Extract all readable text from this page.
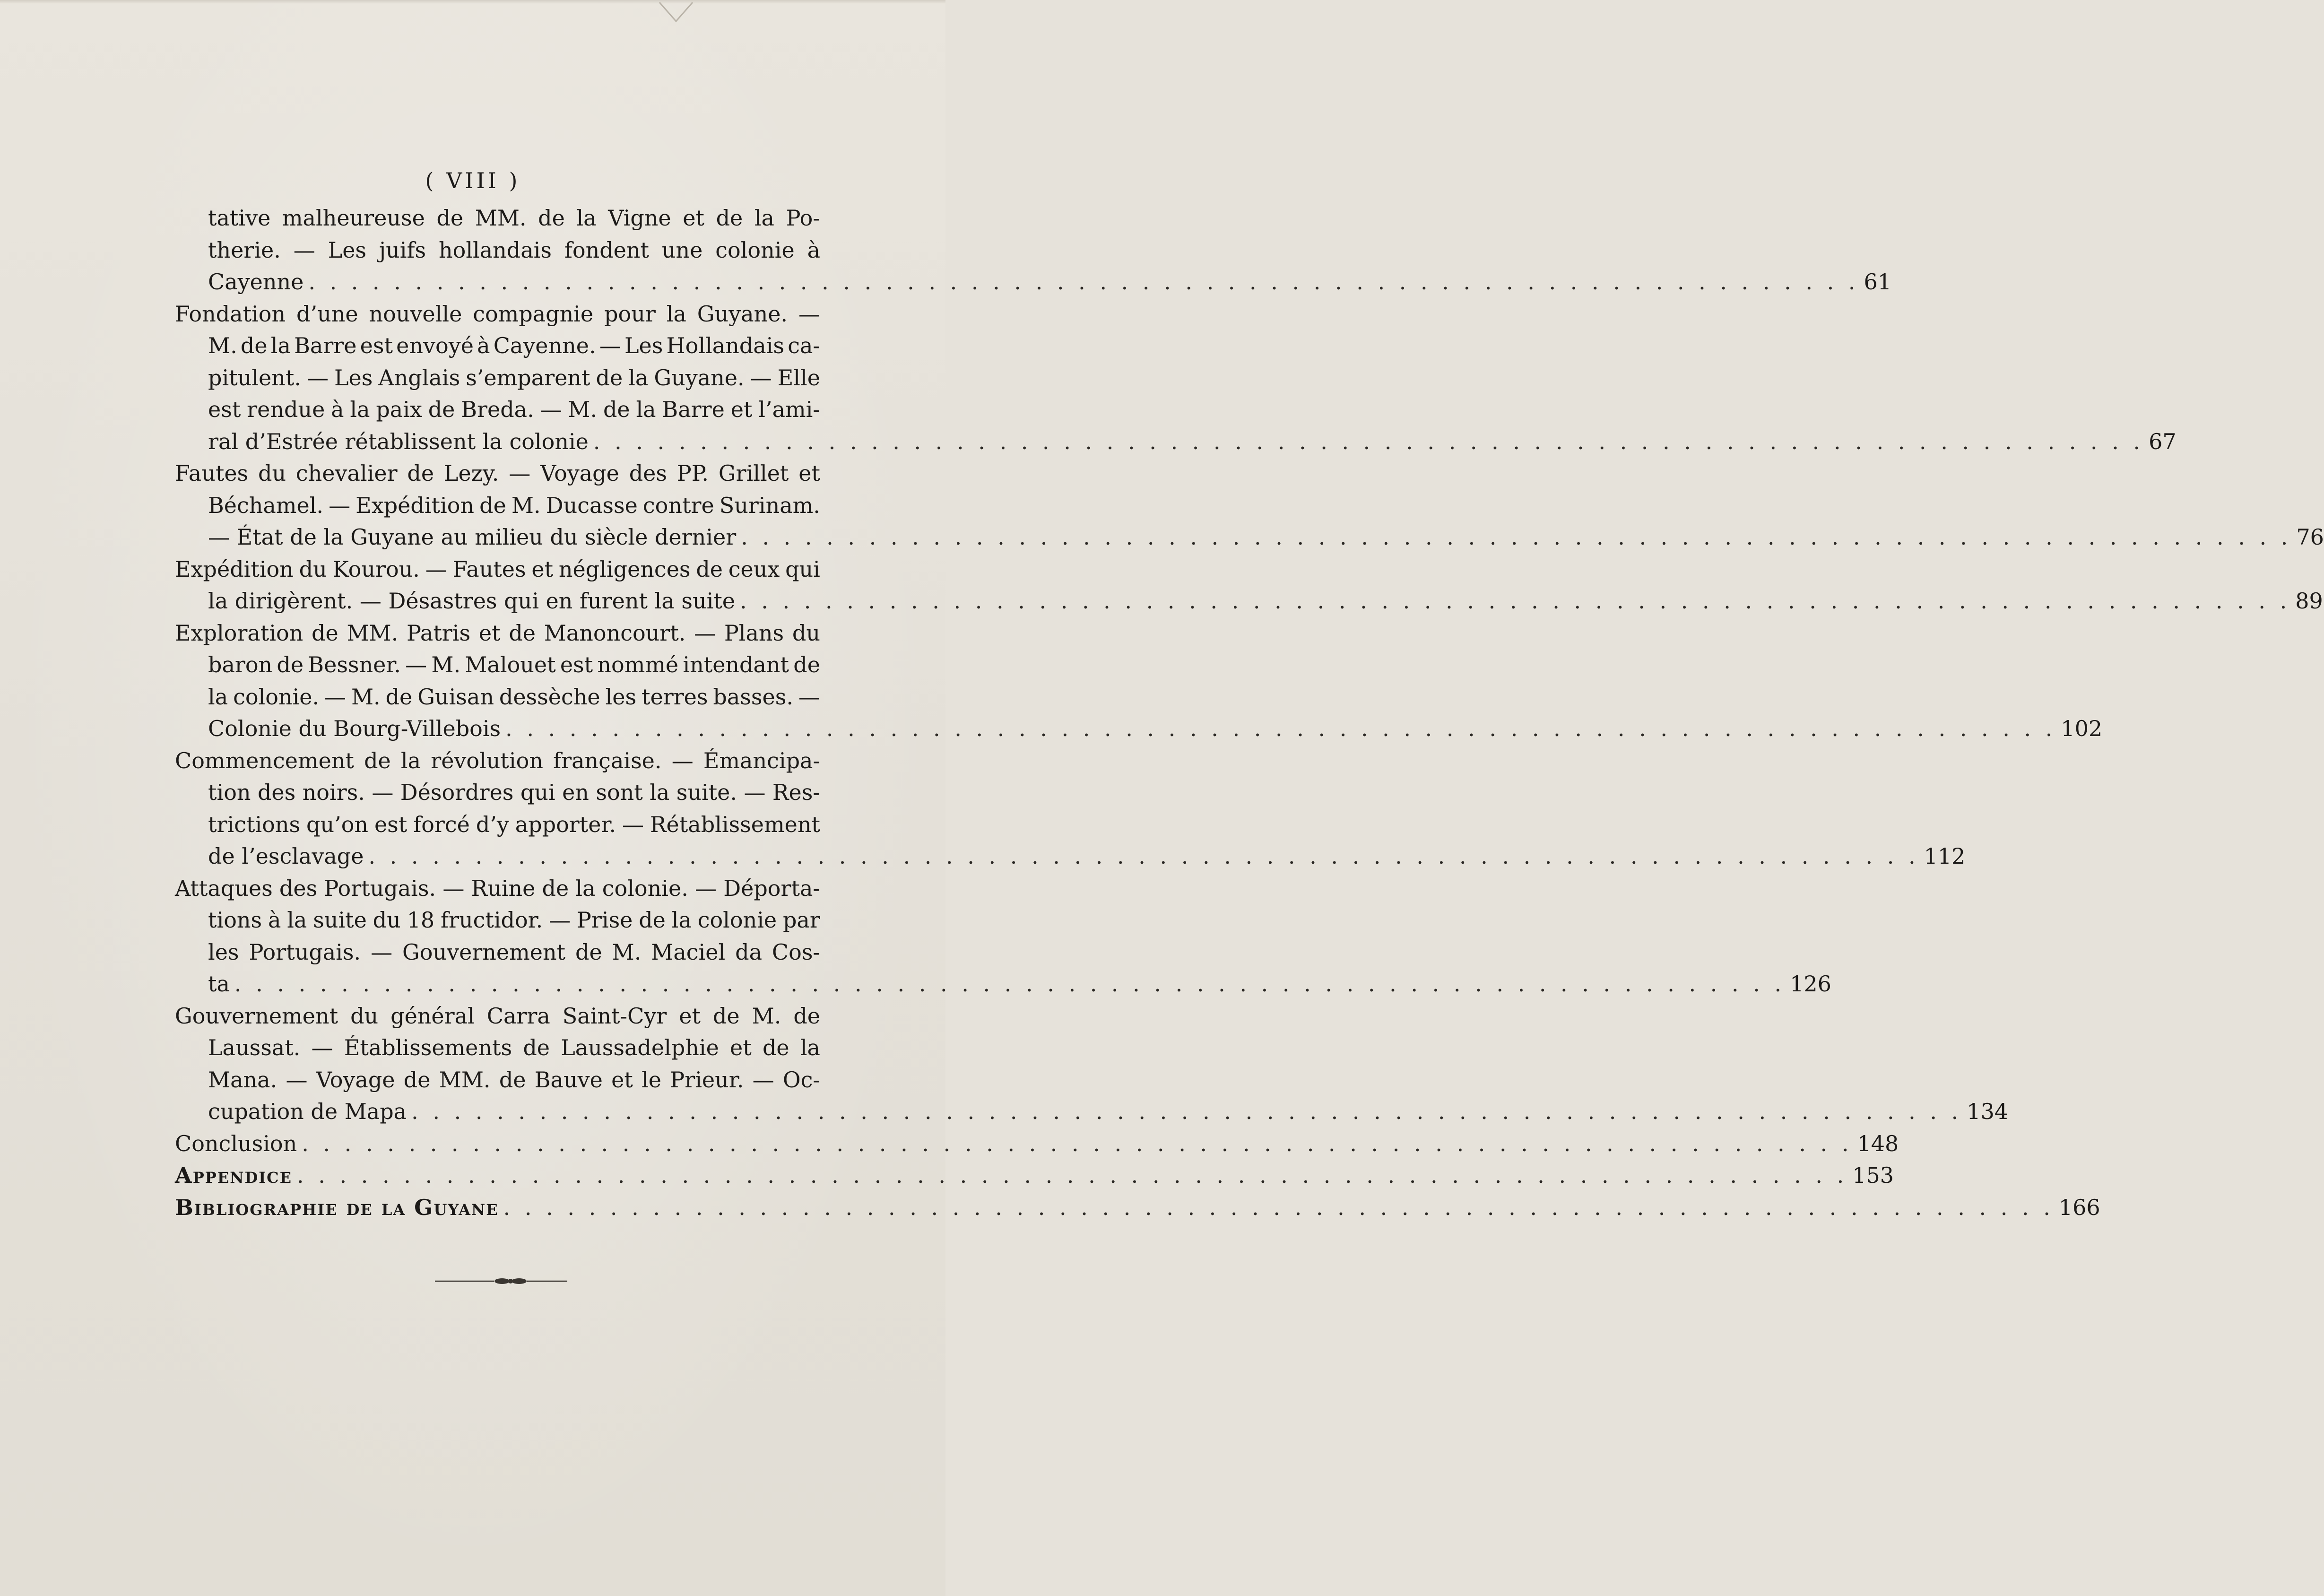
( VIII )
tative malheureuse de MM. de la Vigne et de la Po-
therie. — Les juifs hollandais fondent une colonie à
Cayenne . . .	61
Fondation d’une nouvelle compagnie pour la Guyane. —
M. de la Barre est envoyé à Cayenne. — Les Hollandais ca-
pitulent. — Les Anglais s’emparent de la Guyane. — Elle
est rendue à la paix de Breda. — M. de la Barre et l’ami-
ral d’Estrée rétablissent la colonie . . .	67
Fautes du chevalier de Lezy. — Voyage des PP. Grillet et
Béchamel. — Expédition de M. Ducasse contre Surinam.
— État de la Guyane au milieu du siècle dernier . . .	76
Expédition du Kourou. — Fautes et négligences de ceux qui
la dirigèrent. — Désastres qui en furent la suite . . .	89
Exploration de MM. Patris et de Manoncourt. — Plans du
baron de Bessner. — M. Malouet est nommé intendant de
la colonie. — M. de Guisan dessèche les terres basses. —
Colonie du Bourg-Villebois . . .	102
Commencement de la révolution française. — Émancipa-
tion des noirs. — Désordres qui en sont la suite. — Res-
trictions qu’on est forcé d’y apporter. — Rétablissement
de l’esclavage . . .	112
Attaques des Portugais. — Ruine de la colonie. — Déporta-
tions à la suite du 18 fructidor. — Prise de la colonie par
les Portugais. — Gouvernement de M. Maciel da Cos-
ta . . .	126
Gouvernement du général Carra Saint-Cyr et de M. de
Laussat. — Établissements de Laussadelphie et de la
Mana. — Voyage de MM. de Bauve et le Prieur. — Oc-
cupation de Mapa . . .	134
Conclusion . . .	148
Appendice . . .	153
Bibliographie de la Guyane . . .	166
